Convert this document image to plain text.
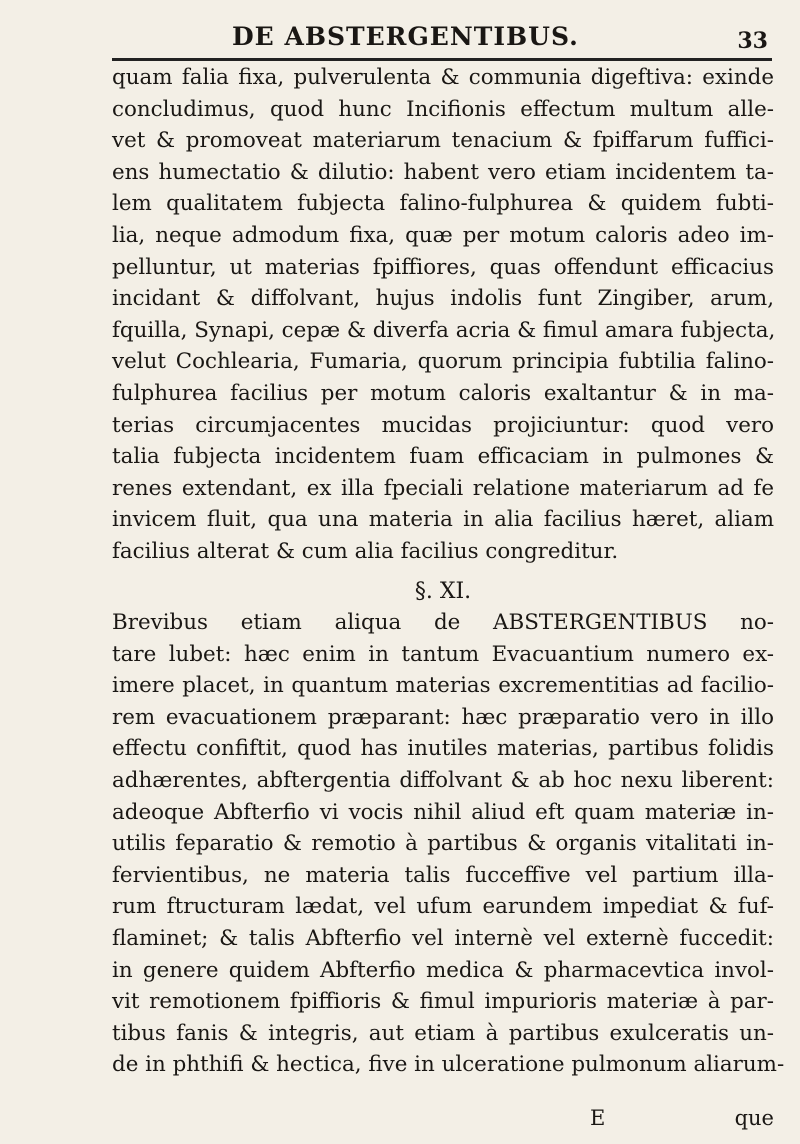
DE ABSTERGENTIBUS.	33
quam falia fixa, pulverulenta & communia digeftiva: exinde
concludimus, quod hunc Incifionis effectum multum alle-
vet & promoveat materiarum tenacium & fpiffarum fuffici-
ens humectatio & dilutio: habent vero etiam incidentem ta-
lem qualitatem fubjecta falino-fulphurea & quidem fubti-
lia, neque admodum fixa, quæ per motum caloris adeo im-
pelluntur, ut materias fpiffiores, quas offendunt efficacius
incidant & diffolvant, hujus indolis funt Zingiber, arum,
fquilla, Synapi, cepæ & diverfa acria & fimul amara fubjecta,
velut Cochlearia, Fumaria, quorum principia fubtilia falino-
fulphurea facilius per motum caloris exaltantur & in ma-
terias circumjacentes mucidas projiciuntur: quod vero
talia fubjecta incidentem fuam efficaciam in pulmones &
renes extendant, ex illa fpeciali relatione materiarum ad fe
invicem fluit, qua una materia in alia facilius hæret, aliam
facilius alterat & cum alia facilius congreditur.
§. XI.
Brevibus etiam aliqua de ABSTERGENTIBUS no-
tare lubet: hæc enim in tantum Evacuantium numero ex-
imere placet, in quantum materias excrementitias ad facilio-
rem evacuationem præparant: hæc præparatio vero in illo
effectu confiftit, quod has inutiles materias, partibus folidis
adhærentes, abftergentia diffolvant & ab hoc nexu liberent:
adeoque Abfterfio vi vocis nihil aliud eft quam materiæ in-
utilis feparatio & remotio à partibus & organis vitalitati in-
fervientibus, ne materia talis fucceffive vel partium illa-
rum ftructuram lædat, vel ufum earundem impediat & fuf-
flaminet; & talis Abfterfio vel internè vel externè fuccedit:
in genere quidem Abfterfio medica & pharmacevtica invol-
vit remotionem fpiffioris & fimul impurioris materiæ à par-
tibus fanis & integris, aut etiam à partibus exulceratis un-
de in phthifi & hectica, five in ulceratione pulmonum aliarum-
E	que
